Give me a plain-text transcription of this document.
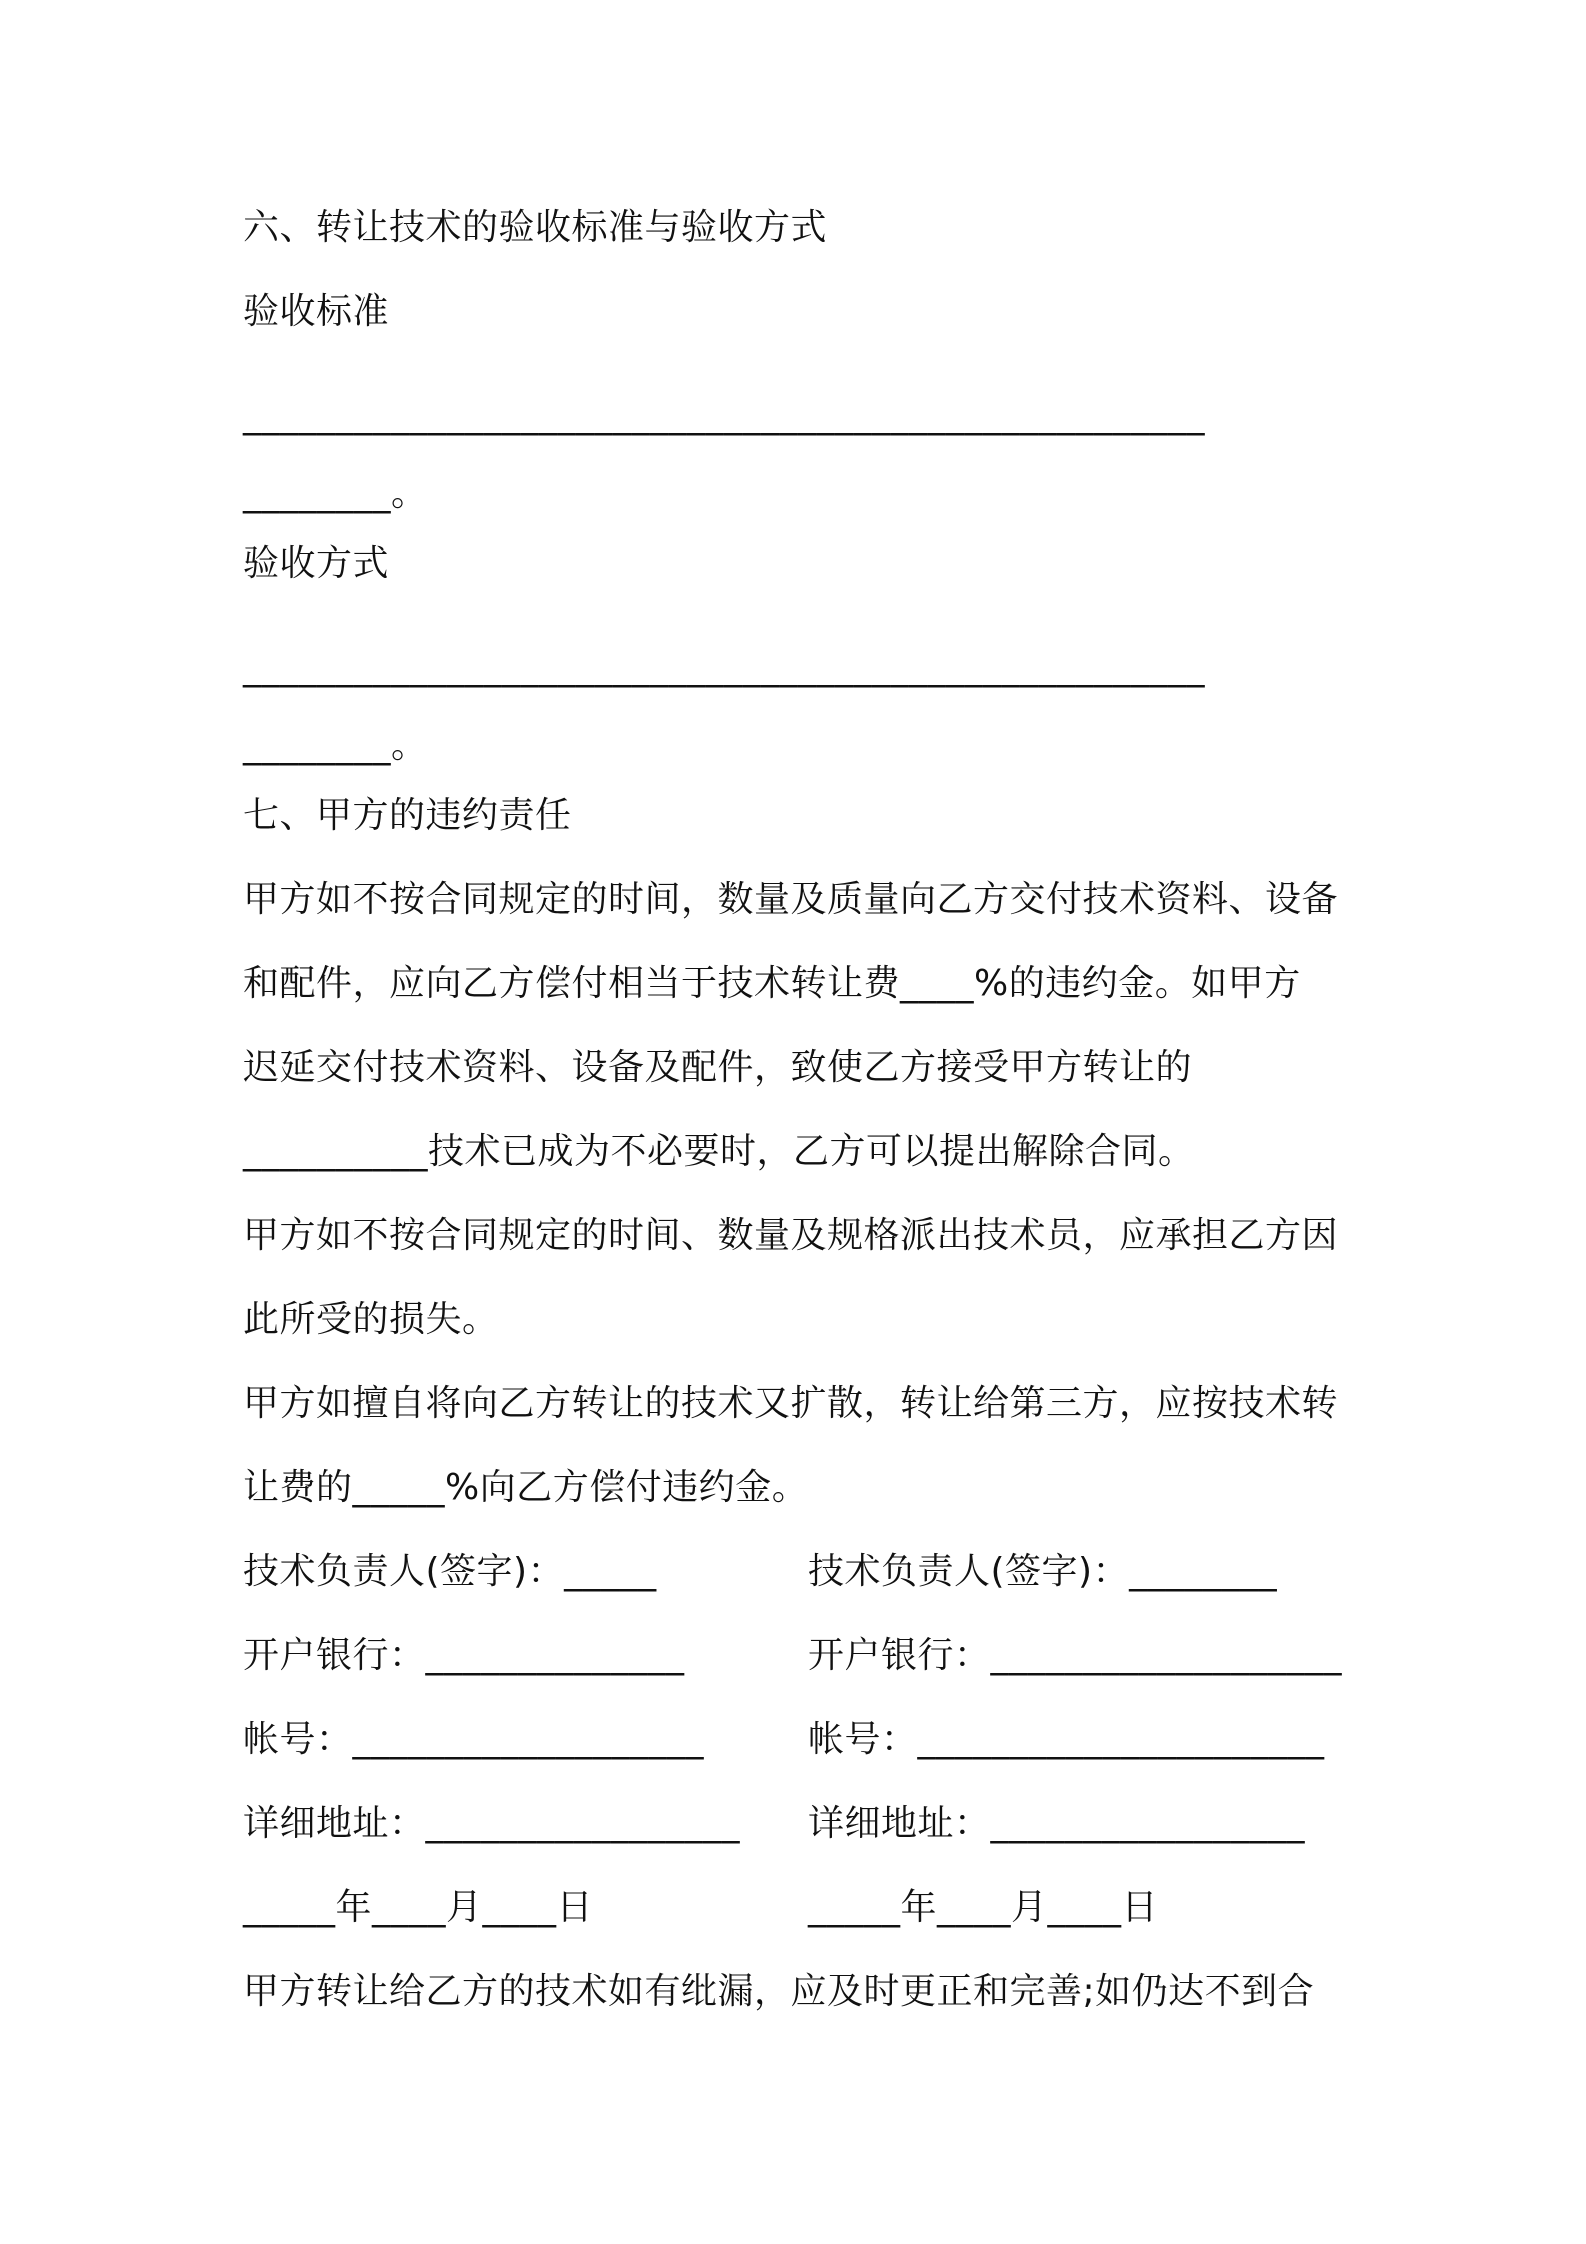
六、转让技术的验收标准与验收方式
验收标准
____________________________________________________
________。
验收方式
____________________________________________________
________。
七、甲方的违约责任
甲方如不按合同规定的时间，数量及质量向乙方交付技术资料、设备
和配件，应向乙方偿付相当于技术转让费____%的违约金。如甲方
迟延交付技术资料、设备及配件，致使乙方接受甲方转让的
__________技术已成为不必要时，乙方可以提出解除合同。
甲方如不按合同规定的时间、数量及规格派出技术员，应承担乙方因
此所受的损失。
甲方如擅自将向乙方转让的技术又扩散，转让给第三方，应按技术转
让费的_____%向乙方偿付违约金。
技术负责人(签字)：_____	技术负责人(签字)：________
开户银行：______________	开户银行：___________________
帐号：___________________	帐号：______________________
详细地址：_________________ 详细地址：_________________
_____年____月____日	_____年____月____日
甲方转让给乙方的技术如有纰漏，应及时更正和完善;如仍达不到合
